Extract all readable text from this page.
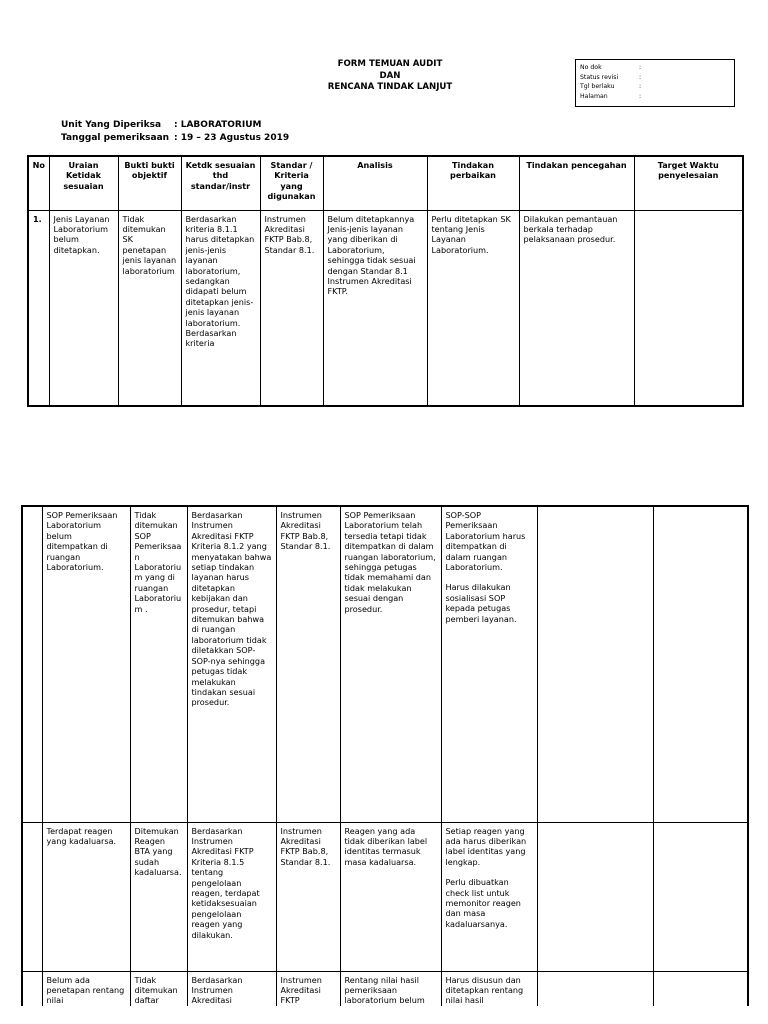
FORM TEMUAN AUDIT
DAN
RENCANA TINDAK LANJUT
No dok	:
Status revisi	:
Tgl berlaku	:
Halaman	:
Unit Yang Diperiksa	: LABORATORIUM
Tanggal pemeriksaan : 19 – 23 Agustus 2019
No	Uraian Ketidak sesuaian	Bukti bukti objektif	Ketdk sesuaian thd standar/instr	Standar / Kriteria yang digunakan	Analisis	Tindakan perbaikan	Tindakan pencegahan	Target Waktu penyelesaian
1.	Jenis Layanan Laboratorium belum ditetapkan.	Tidak ditemukan SK penetapan jenis layanan laboratorium	Berdasarkan kriteria 8.1.1 harus ditetapkan jenis-jenis layanan laboratorium, sedangkan didapati belum ditetapkan jenis-jenis layanan laboratorium. Berdasarkan kriteria	Instrumen Akreditasi FKTP Bab.8, Standar 8.1.	Belum ditetapkannya Jenis-jenis layanan yang diberikan di Laboratorium, sehingga tidak sesuai dengan Standar 8.1 Instrumen Akreditasi FKTP.	Perlu ditetapkan SK tentang Jenis Layanan Laboratorium.	Dilakukan pemantauan berkala terhadap pelaksanaan prosedur.	
	SOP Pemeriksaan Laboratorium belum ditempatkan di ruangan Laboratorium.	Tidak ditemukan SOP Pemeriksaan Laboratorium yang di ruangan Laboratorium .	Berdasarkan Instrumen Akreditasi FKTP Kriteria 8.1.2 yang menyatakan bahwa setiap tindakan layanan harus ditetapkan kebijakan dan prosedur, tetapi ditemukan bahwa di ruangan laboratorium tidak diletakkan SOP-SOP-nya sehingga petugas tidak melakukan tindakan sesuai prosedur.	Instrumen Akreditasi FKTP Bab.8, Standar 8.1.	SOP Pemeriksaan Laboratorium telah tersedia tetapi tidak ditempatkan di dalam ruangan laboratorium, sehingga petugas tidak memahami dan tidak melakukan sesuai dengan prosedur.	SOP-SOP Pemeriksaan Laboratorium harus ditempatkan di dalam ruangan Laboratorium.
Harus dilakukan sosialisasi SOP kepada petugas pemberi layanan.		

	Terdapat reagen yang kadaluarsa.	Ditemukan Reagen BTA yang sudah kadaluarsa.	Berdasarkan Instrumen Akreditasi FKTP Kriteria 8.1.5 tentang pengelolaan reagen, terdapat ketidaksesuaian pengelolaan reagen yang dilakukan.	Instrumen Akreditasi FKTP Bab.8, Standar 8.1.	Reagen yang ada tidak diberikan label identitas termasuk masa kadaluarsa.	Setiap reagen yang ada harus diberikan label identitas yang lengkap.
Perlu dibuatkan check list untuk memonitor reagen dan masa kadaluarsanya.		

	Belum ada penetapan rentang nilai	Tidak ditemukan daftar	Berdasarkan Instrumen Akreditasi	Instrumen Akreditasi FKTP	Rentang nilai hasil pemeriksaan laboratorium belum	Harus disusun dan ditetapkan rentang nilai hasil		
